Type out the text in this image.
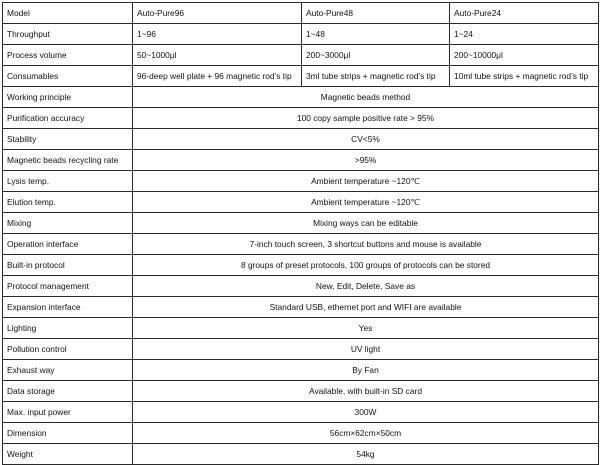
Model	Auto-Pure96	Auto-Pure48	Auto-Pure24
Throughput	1~96	1~48	1~24
Process volume	50~1000μl	200~3000μl	200~10000μl
Consumables	96-deep well plate + 96 magnetic rod’s tip	3ml tube strips + magnetic rod’s tip	10ml tube strips + magnetic rod’s tip
Working principle	Magnetic beads method		
Purification accuracy	100 copy sample positive rate > 95%		
Stability	CV<5%		
Magnetic beads recycling rate	>95%		
Lysis temp.	Ambient temperature ~120℃		
Elution temp.	Ambient temperature ~120℃		
Mixing	Mixing ways can be editable		
Operation interface	7-inch touch screen, 3 shortcut buttons and mouse is available		
Built-in protocol	8 groups of preset protocols, 100 groups of protocols can be stored		
Protocol management	New, Edit, Delete, Save as		
Expansion interface	Standard USB, ethernet port and WIFI are available		
Lighting	Yes		
Pollution control	UV light		
Exhaust way	By Fan		
Data storage	Available, with built-in SD card		
Max. input power	300W		
Dimension	56cm×62cm×50cm		
Weight	54kg		
